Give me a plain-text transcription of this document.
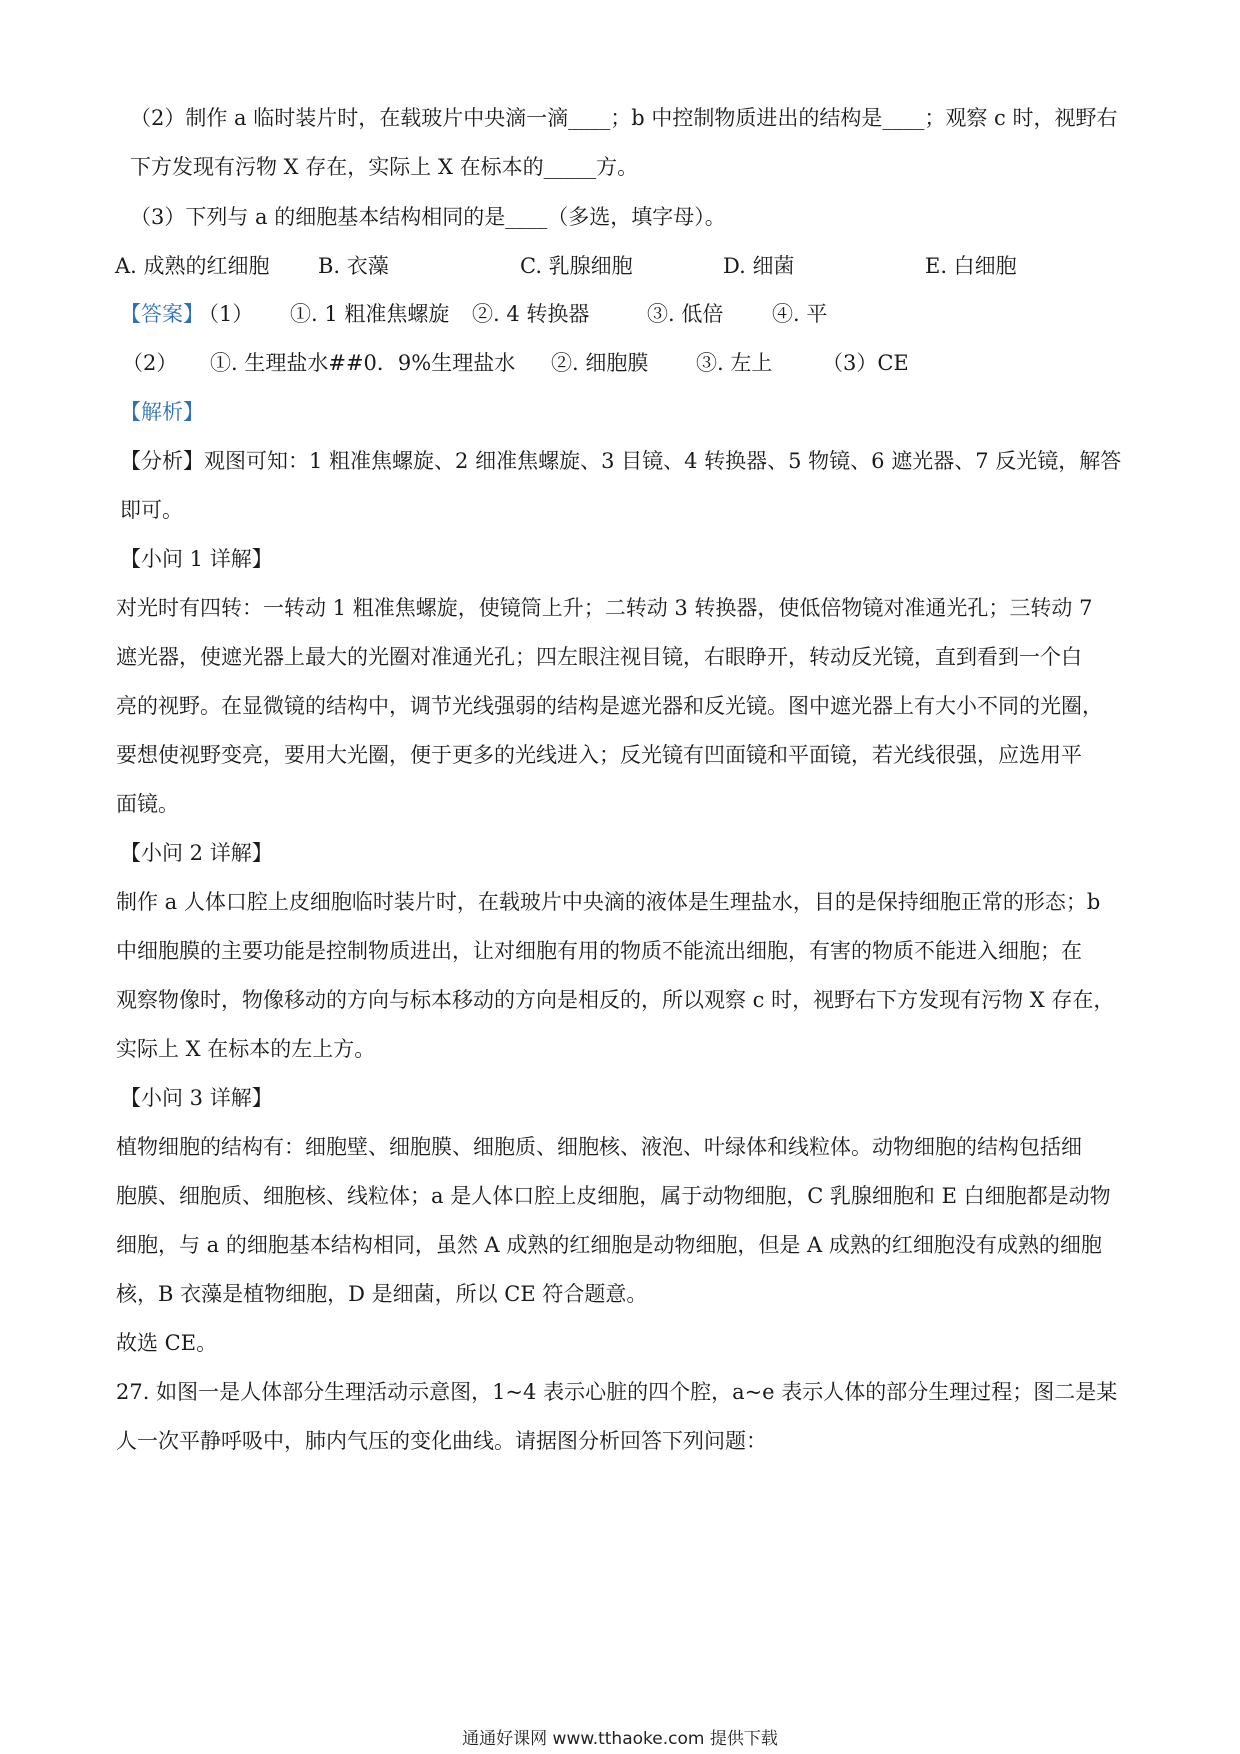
（2）制作 a 临时装片时，在载玻片中央滴一滴____；b 中控制物质进出的结构是____；观察 c 时，视野右
下方发现有污物 X 存在，实际上 X 在标本的_____方。
（3）下列与 a 的细胞基本结构相同的是____（多选，填字母）。
A. 成熟的红细胞 B. 衣藻	C. 乳腺细胞	D. 细菌	E. 白细胞
【答案】
（1） ①. 1 粗准焦螺旋 ②. 4 转换器	③. 低倍 ④. 平
（2） ①. 生理盐水##0．9%生理盐水 ②. 细胞膜 ③. 左上 （3）CE
【解析】
【分析】观图可知：1 粗准焦螺旋、2 细准焦螺旋、3 目镜、4 转换器、5 物镜、6 遮光器、7 反光镜，解答
即可。
【小问 1 详解】
对光时有四转：一转动 1 粗准焦螺旋，使镜筒上升；二转动 3 转换器，使低倍物镜对准通光孔；三转动 7
遮光器，使遮光器上最大的光圈对准通光孔；四左眼注视目镜，右眼睁开，转动反光镜，直到看到一个白
亮的视野。在显微镜的结构中，调节光线强弱的结构是遮光器和反光镜。图中遮光器上有大小不同的光圈，
要想使视野变亮，要用大光圈，便于更多的光线进入；反光镜有凹面镜和平面镜，若光线很强，应选用平
面镜。
【小问 2 详解】
制作 a 人体口腔上皮细胞临时装片时，在载玻片中央滴的液体是生理盐水，目的是保持细胞正常的形态；b
中细胞膜的主要功能是控制物质进出，让对细胞有用的物质不能流出细胞，有害的物质不能进入细胞；在
观察物像时，物像移动的方向与标本移动的方向是相反的，所以观察 c 时，视野右下方发现有污物 X 存在，
实际上 X 在标本的左上方。
【小问 3 详解】
植物细胞的结构有：细胞壁、细胞膜、细胞质、细胞核、液泡、叶绿体和线粒体。动物细胞的结构包括细
胞膜、细胞质、细胞核、线粒体；a 是人体口腔上皮细胞，属于动物细胞，C 乳腺细胞和 E 白细胞都是动物
细胞，与 a 的细胞基本结构相同，虽然 A 成熟的红细胞是动物细胞，但是 A 成熟的红细胞没有成熟的细胞
核，B 衣藻是植物细胞，D 是细菌，所以 CE 符合题意。
故选 CE。
27. 如图一是人体部分生理活动示意图，1~4 表示心脏的四个腔，a~e 表示人体的部分生理过程；图二是某
人一次平静呼吸中，肺内气压的变化曲线。请据图分析回答下列问题：
通通好课网 www.tthaoke.com 提供下载
